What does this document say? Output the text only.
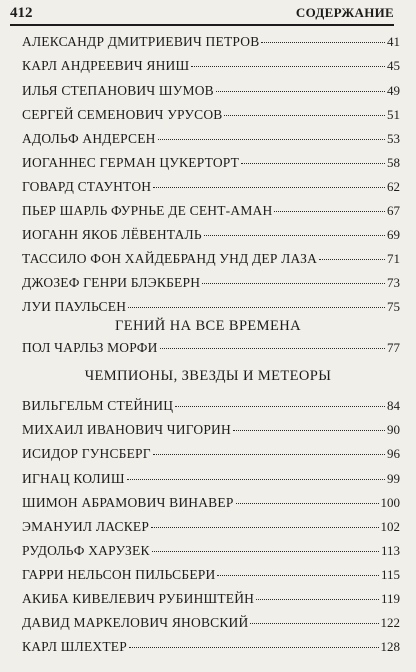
412	СОДЕРЖАНИЕ
АЛЕКСАНДР ДМИТРИЕВИЧ ПЕТРОВ	41
КАРЛ АНДРЕЕВИЧ ЯНИШ	45
ИЛЬЯ СТЕПАНОВИЧ ШУМОВ	49
СЕРГЕЙ СЕМЕНОВИЧ УРУСОВ	51
АДОЛЬФ АНДЕРСЕН	53
ИОГАННЕС ГЕРМАН ЦУКЕРТОРТ	58
ГОВАРД СТАУНТОН	62
ПЬЕР ШАРЛЬ ФУРНЬЕ ДЕ СЕНТ-АМАН	67
ИОГАНН ЯКОБ ЛЁВЕНТАЛЬ	69
ТАССИЛО ФОН ХАЙДЕБРАНД УНД ДЕР ЛАЗА	71
ДЖОЗЕФ ГЕНРИ БЛЭКБЕРН	73
ЛУИ ПАУЛЬСЕН	75
ГЕНИЙ НА ВСЕ ВРЕМЕНА
ПОЛ ЧАРЛЬЗ МОРФИ	77
ЧЕМПИОНЫ, ЗВЕЗДЫ И МЕТЕОРЫ
ВИЛЬГЕЛЬМ СТЕЙНИЦ	84
МИХАИЛ ИВАНОВИЧ ЧИГОРИН	90
ИСИДОР ГУНСБЕРГ	96
ИГНАЦ КОЛИШ	99
ШИМОН АБРАМОВИЧ ВИНАВЕР	100
ЭМАНУИЛ ЛАСКЕР	102
РУДОЛЬФ ХАРУЗЕК	113
ГАРРИ НЕЛЬСОН ПИЛЬСБЕРИ	115
АКИБА КИВЕЛЕВИЧ РУБИНШТЕЙН	119
ДАВИД МАРКЕЛОВИЧ ЯНОВСКИЙ	122
КАРЛ ШЛЕХТЕР	128
